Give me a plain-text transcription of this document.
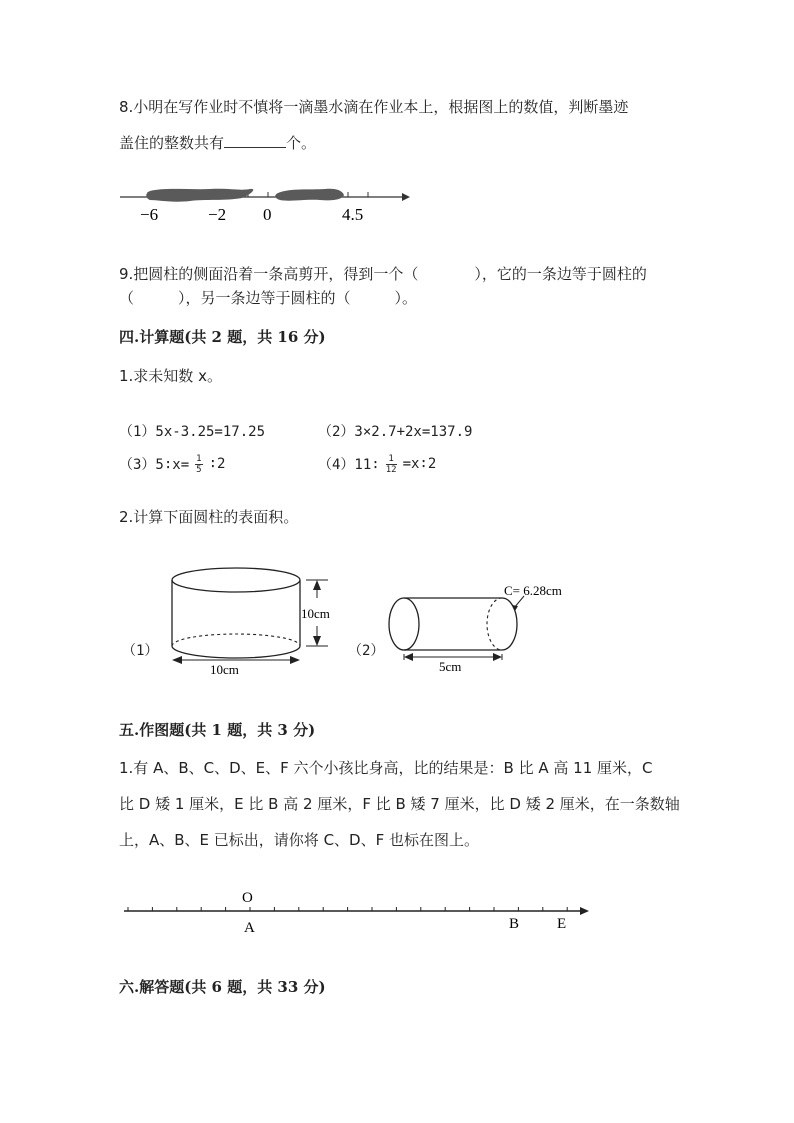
8.小明在写作业时不慎将一滴墨水滴在作业本上，根据图上的数值，判断墨迹
盖住的整数共有	个。
−6	−2 0	4.5
9.把圆柱的侧面沿着一条高剪开，得到一个（	），它的一条边等于圆柱的
（	），另一条边等于圆柱的（	）。
四.计算题(共 2 题，共 16 分)
1.求未知数 x。
（1）5x-3.25=17.25	（2）3×2.7+2x=137.9
（3）5∶x= $\frac{1}{5}$ ∶2	（4）11∶ $\frac{1}{12}$ =x∶2
2.计算下面圆柱的表面积。
（1）
10cm
10cm
（2）
C= 6.28cm
5cm
五.作图题(共 1 题，共 3 分)
1.有 A、B、C、D、E、F 六个小孩比身高，比的结果是：B 比 A 高 11 厘米，C
比 D 矮 1 厘米，E 比 B 高 2 厘米，F 比 B 矮 7 厘米，比 D 矮 2 厘米，在一条数轴
上，A、B、E 已标出，请你将 C、D、F 也标在图上。
O
A	B	E
六.解答题(共 6 题，共 33 分)
